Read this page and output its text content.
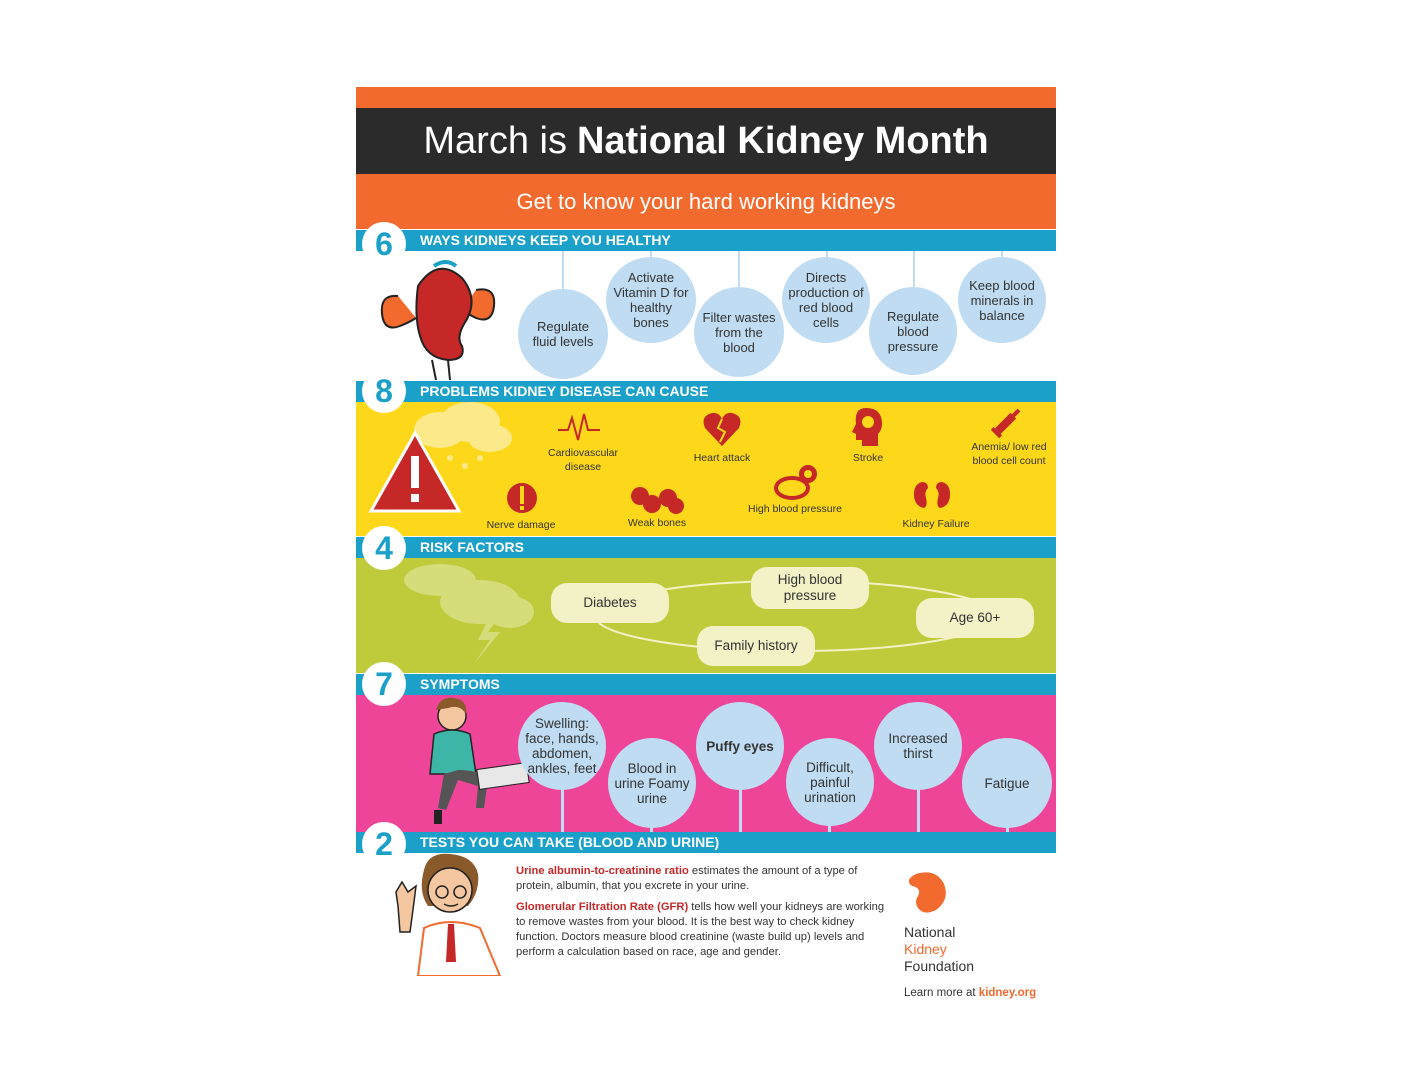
March is National Kidney Month
Get to know your hard working kidneys
WAYS KIDNEYS KEEP YOU HEALTHY
6
Regulate fluid levels
Activate Vitamin D for healthy bones	Filter wastes from the blood
Directs production of red blood cells	Regulate blood pressure
Keep blood minerals in balance
PROBLEMS KIDNEY DISEASE CAN CAUSE
8
Cardiovascular disease
Heart attack	Stroke
Anemia/ low red blood cell count
Nerve damage	Weak bones
High blood pressure
Kidney Failure
RISK FACTORS
4
Diabetes
High blood pressure
Age 60+
Family history
SYMPTOMS
7
Swelling: face, hands, abdomen, ankles, feet	Blood in urine Foamy urine
Puffy eyes
Difficult, painful urination
Increased thirst
Fatigue
TESTS YOU CAN TAKE (BLOOD AND URINE)
2
Urine albumin-to-creatinine ratio estimates the amount of a type of protein, albumin, that you excrete in your urine.
Glomerular Filtration Rate (GFR) tells how well your kidneys are working to remove wastes from your blood. It is the best way to check kidney function. Doctors measure blood creatinine (waste build up) levels and perform a calculation based on race, age and gender.
National
Kidney
Foundation
Learn more at kidney.org
